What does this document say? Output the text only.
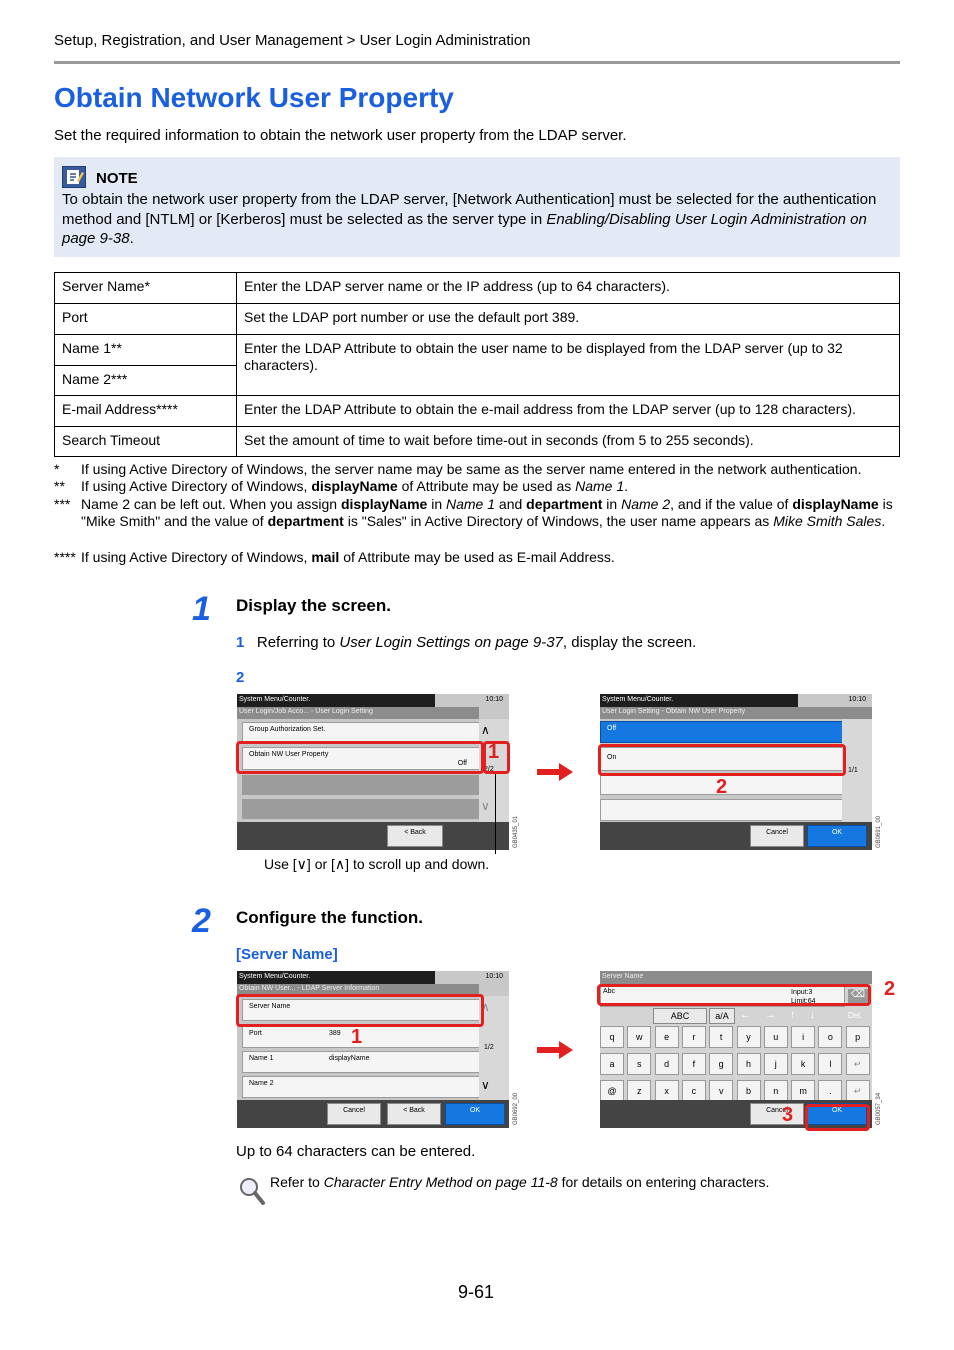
Setup, Registration, and User Management > User Login Administration
Obtain Network User Property
Set the required information to obtain the network user property from the LDAP server.
NOTE
To obtain the network user property from the LDAP server, [Network Authentication] must be selected for the authentication method and [NTLM] or [Kerberos] must be selected as the server type in Enabling/Disabling User Login Administration on page 9-38.
Server Name*	Enter the LDAP server name or the IP address (up to 64 characters).
Port	Set the LDAP port number or use the default port 389.
Name 1**	Enter the LDAP Attribute to obtain the user name to be displayed from the LDAP server (up to 32 characters).
Name 2***	
E-mail Address****	Enter the LDAP Attribute to obtain the e-mail address from the LDAP server (up to 128 characters).
Search Timeout	Set the amount of time to wait before time-out in seconds (from 5 to 255 seconds).
* If using Active Directory of Windows, the server name may be same as the server name entered in the network authentication.
** If using Active Directory of Windows, displayName of Attribute may be used as Name 1.
*** Name 2 can be left out. When you assign displayName in Name 1 and department in Name 2, and if the value of displayName is "Mike Smith" and the value of department is "Sales" in Active Directory of Windows, the user name appears as Mike Smith Sales.
**** If using Active Directory of Windows, mail of Attribute may be used as E-mail Address.
1 Display the screen.
1 Referring to User Login Settings on page 9-37, display the screen.
2
System Menu/Counter.	10:10
User Login/Job Acco... - User Login Setting
Group Authorization Set.
Obtain NW User Property
Off
∧
2/2
∨
< Back	GB0435_01
1
Use [∨] or [∧] to scroll up and down.
System Menu/Counter.	10:10
User Login Setting - Obtain NW User Property
Off
On
1/1
Cancel	OK	GB0691_00
2
2 Configure the function.
[Server Name]
System Menu/Counter.	10:10
Obtain NW User... - LDAP Server Information
Server Name
Port	389
Name 1	displayName
Name 2
∧
1/2
∨
Cancel	< Back	OK	GB0692_00
1
Server Name
Abc	Input:3
Limit:64
⌫
ABC	a/A	←→↑↓ Del.
q	w	e	r	t	y	u	i	o	p
a	s	d	f	g	h	j	k	l
@	z	x	c	v	b	n	m	.
↵
↵
Cancel	OK	GB0057_34
2
3
Up to 64 characters can be entered.
Refer to Character Entry Method on page 11-8 for details on entering characters.
9-61
